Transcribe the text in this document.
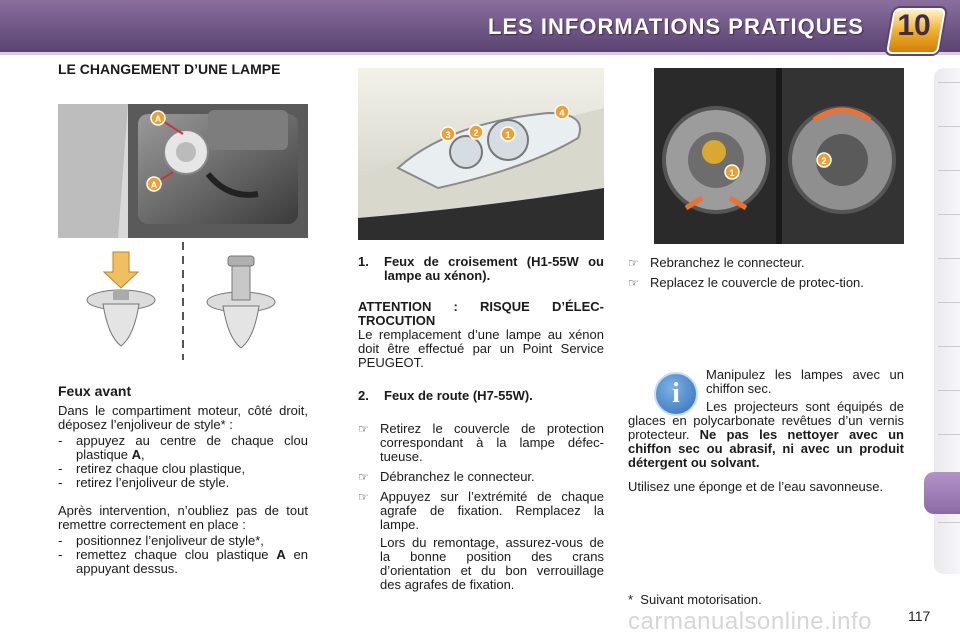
LES INFORMATIONS PRATIQUES 10
LE CHANGEMENT D’UNE LAMPE
A
A
Feux avant
Dans le compartiment moteur, côté droit, déposez l’enjoliveur de style* :
-	appuyez au centre de chaque clou plastique A,
-	retirez chaque clou plastique,
-	retirez l’enjoliveur de style.
Après intervention, n’oubliez pas de tout remettre correctement en place :
-	positionnez l’enjoliveur de style*,
-	remettez chaque clou plastique A en appuyant dessus.
3	2	1
4
1.	Feux de croisement (H1-55W ou lampe au xénon).
ATTENTION : RISQUE D’ÉLEC-TROCUTION
Le remplacement d’une lampe au xénon doit être effectué par un Point Service PEUGEOT.
2.	Feux de route (H7-55W).
☞ Retirez le couvercle de protection correspondant à la lampe défec-tueuse.
☞ Débranchez le connecteur.
☞ Appuyez sur l’extrémité de chaque agrafe de fixation. Remplacez la lampe.
Lors du remontage, assurez-vous de la bonne position des crans d’orientation et du bon verrouillage des agrafes de fixation.
1
2
☞ Rebranchez le connecteur.
☞ Replacez le couvercle de protec-tion.
i
Manipulez les lampes avec un chiffon sec.
Les projecteurs sont équipés de glaces en polycarbonate revêtues d’un vernis protecteur. Ne pas les nettoyer avec un chiffon sec ou abrasif, ni avec un produit détergent ou solvant.
Utilisez une éponge et de l’eau savonneuse.
* Suivant motorisation.
carmanualsonline.info	117
